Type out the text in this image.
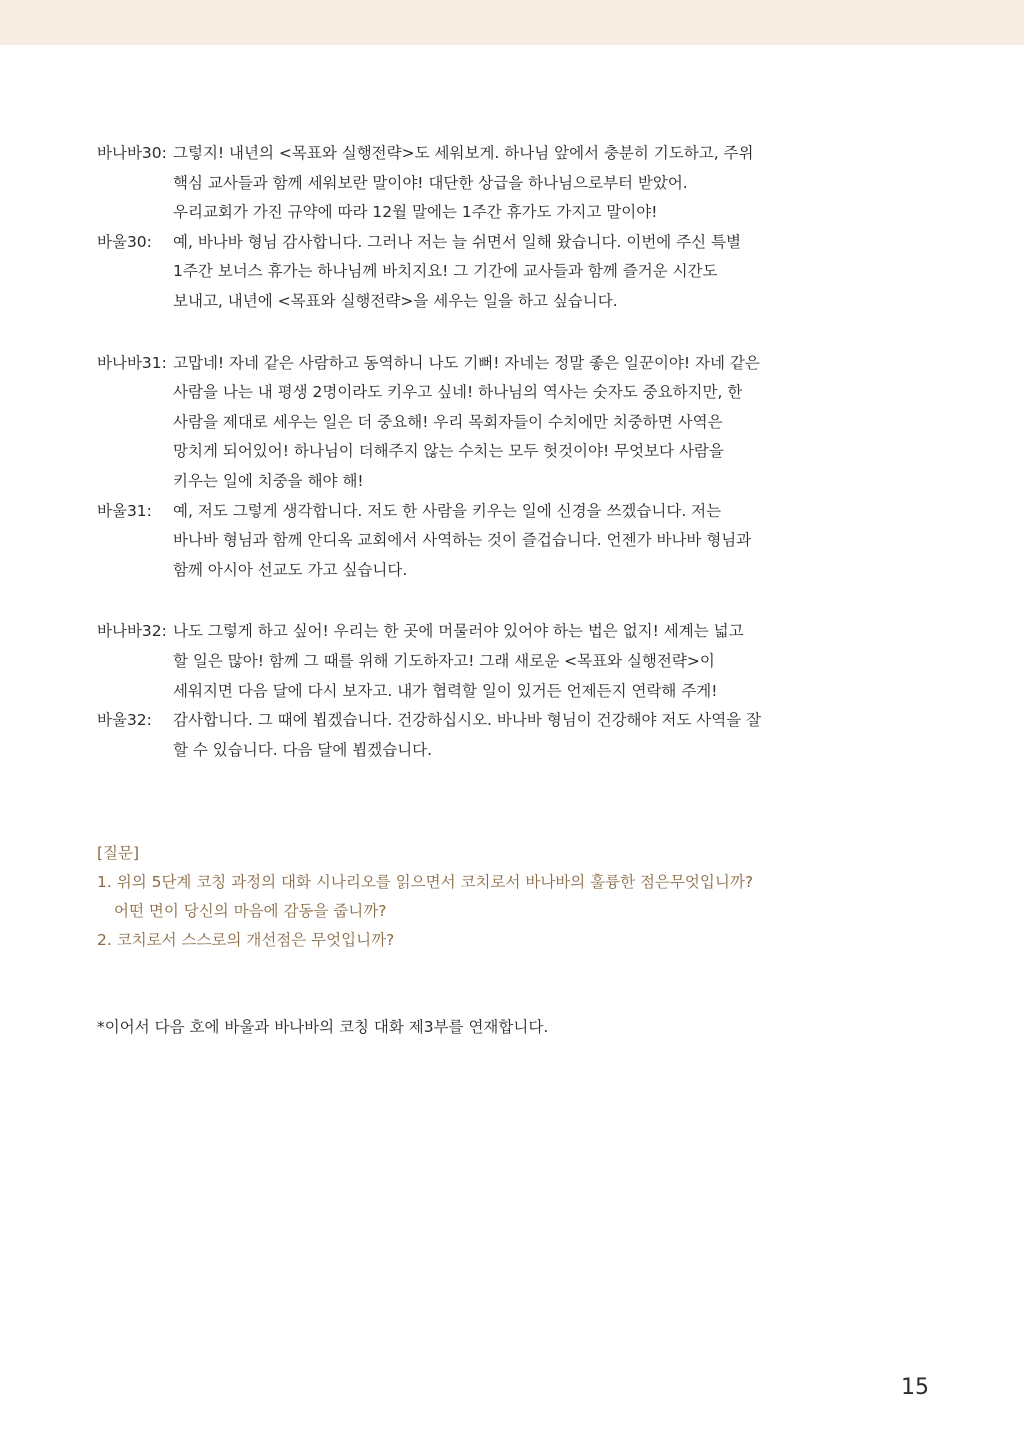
바나바30: 그렇지! 내년의 <목표와 실행전략>도 세워보게. 하나님 앞에서 충분히 기도하고, 주위
핵심 교사들과 함께 세워보란 말이야! 대단한 상급을 하나님으로부터 받았어.
우리교회가 가진 규약에 따라 12월 말에는 1주간 휴가도 가지고 말이야!
바울30:	예, 바나바 형님 감사합니다. 그러나 저는 늘 쉬면서 일해 왔습니다. 이번에 주신 특별
1주간 보너스 휴가는 하나님께 바치지요! 그 기간에 교사들과 함께 즐거운 시간도
보내고, 내년에 <목표와 실행전략>을 세우는 일을 하고 싶습니다.
바나바31: 고맙네! 자네 같은 사람하고 동역하니 나도 기뻐! 자네는 정말 좋은 일꾼이야! 자네 같은
사람을 나는 내 평생 2명이라도 키우고 싶네! 하나님의 역사는 숫자도 중요하지만, 한
사람을 제대로 세우는 일은 더 중요해! 우리 목회자들이 수치에만 치중하면 사역은
망치게 되어있어! 하나님이 더해주지 않는 수치는 모두 헛것이야! 무엇보다 사람을
키우는 일에 치중을 해야 해!
바울31:	예, 저도 그렇게 생각합니다. 저도 한 사람을 키우는 일에 신경을 쓰겠습니다. 저는
바나바 형님과 함께 안디옥 교회에서 사역하는 것이 즐겁습니다. 언젠가 바나바 형님과
함께 아시아 선교도 가고 싶습니다.
바나바32: 나도 그렇게 하고 싶어! 우리는 한 곳에 머물러야 있어야 하는 법은 없지! 세계는 넓고
할 일은 많아! 함께 그 때를 위해 기도하자고! 그래 새로운 <목표와 실행전략>이
세워지면 다음 달에 다시 보자고. 내가 협력할 일이 있거든 언제든지 연락해 주게!
바울32:	감사합니다. 그 때에 뵙겠습니다. 건강하십시오. 바나바 형님이 건강해야 저도 사역을 잘
할 수 있습니다. 다음 달에 뵙겠습니다.
[질문]
1. 위의 5단계 코칭 과정의 대화 시나리오를 읽으면서 코치로서 바나바의 훌륭한 점은무엇입니까?
어떤 면이 당신의 마음에 감동을 줍니까?
2. 코치로서 스스로의 개선점은 무엇입니까?
*이어서 다음 호에 바울과 바나바의 코칭 대화 제3부를 연재합니다.
15
